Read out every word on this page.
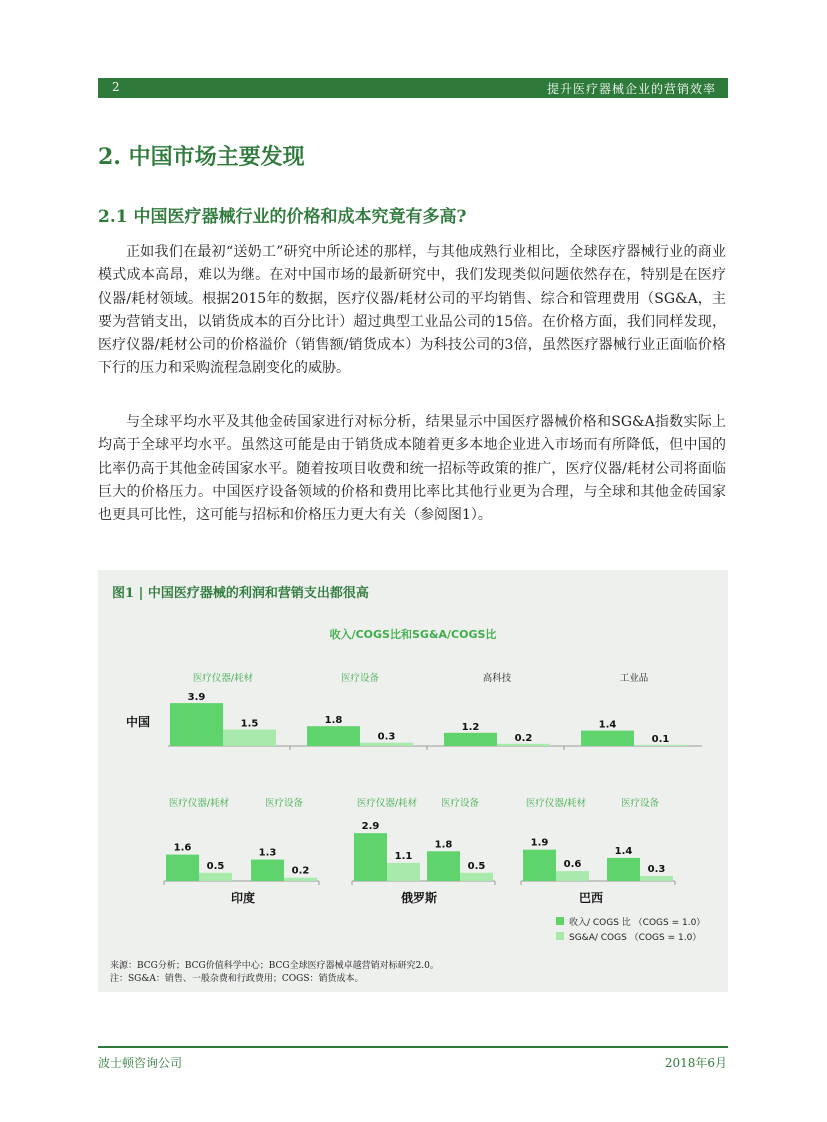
2	提升医疗器械企业的营销效率
2. 中国市场主要发现
2.1 中国医疗器械行业的价格和成本究竟有多高?
正如我们在最初“送奶工”研究中所论述的那样，与其他成熟行业相比，全球医疗器械行业的商业模式成本高昂，难以为继。在对中国市场的最新研究中，我们发现类似问题依然存在，特别是在医疗仪器/耗材领域。根据2015年的数据，医疗仪器/耗材公司的平均销售、综合和管理费用（SG&A，主要为营销支出，以销货成本的百分比计）超过典型工业品公司的15倍。在价格方面，我们同样发现，医疗仪器/耗材公司的价格溢价（销售额/销货成本）为科技公司的3倍，虽然医疗器械行业正面临价格下行的压力和采购流程急剧变化的威胁。
与全球平均水平及其他金砖国家进行对标分析，结果显示中国医疗器械价格和SG&A指数实际上均高于全球平均水平。虽然这可能是由于销货成本随着更多本地企业进入市场而有所降低，但中国的比率仍高于其他金砖国家水平。随着按项目收费和统一招标等政策的推广，医疗仪器/耗材公司将面临巨大的价格压力。中国医疗设备领域的价格和费用比率比其他行业更为合理，与全球和其他金砖国家也更具可比性，这可能与招标和价格压力更大有关（参阅图1）。
收入/COGS比和SG&A/COGS比
中国
医疗仪器/耗材
3.9
1.5
医疗设备
1.8
0.3
高科技
1.2
0.2
工业品
1.4
0.1
印度
医疗仪器/耗材
1.6
0.5
医疗设备
1.3
0.2
俄罗斯
医疗仪器/耗材
2.9
1.1
医疗设备
1.8
0.5
巴西
医疗仪器/耗材
1.9
0.6
医疗设备
1.4
0.3
收入/ COGS 比 （COGS = 1.0）
SG&A/ COGS （COGS = 1.0）
图1 | 中国医疗器械的利润和营销支出都很高
来源：BCG分析；BCG价值科学中心；BCG全球医疗器械卓越营销对标研究2.0。
注：SG&A：销售、一般杂费和行政费用；COGS：销货成本。
波士顿咨询公司	2018年6月
